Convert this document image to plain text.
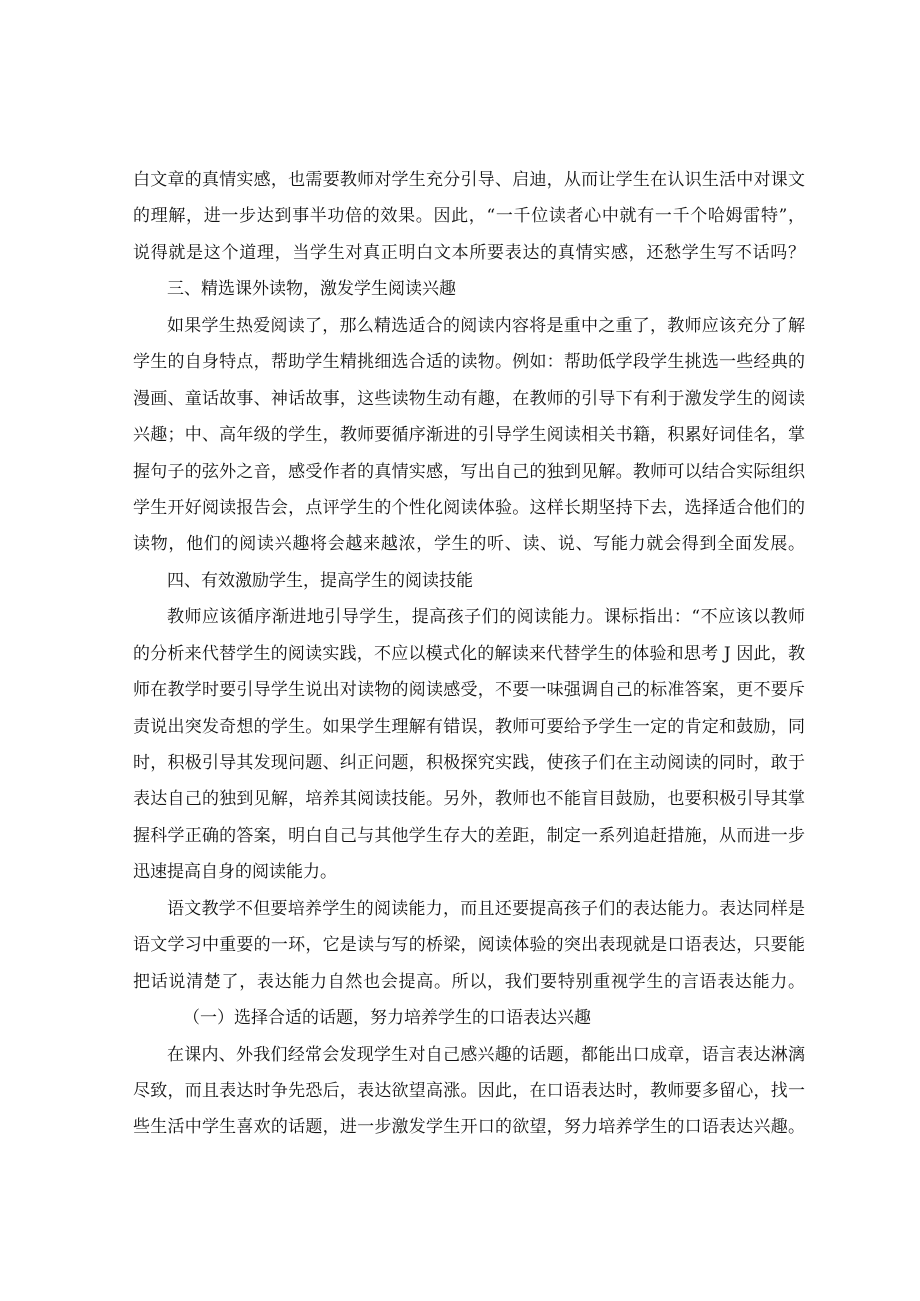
白文章的真情实感，也需要教师对学生充分引导、启迪，从而让学生在认识生活中对课文
的理解，进一步达到事半功倍的效果。因此，“一千位读者心中就有一千个哈姆雷特”，
说得就是这个道理，当学生对真正明白文本所要表达的真情实感，还愁学生写不话吗？
三、精选课外读物，激发学生阅读兴趣
如果学生热爱阅读了，那么精选适合的阅读内容将是重中之重了，教师应该充分了解
学生的自身特点，帮助学生精挑细选合适的读物。例如：帮助低学段学生挑选一些经典的
漫画、童话故事、神话故事，这些读物生动有趣，在教师的引导下有利于激发学生的阅读
兴趣；中、高年级的学生，教师要循序渐进的引导学生阅读相关书籍，积累好词佳名，掌
握句子的弦外之音，感受作者的真情实感，写出自己的独到见解。教师可以结合实际组织
学生开好阅读报告会，点评学生的个性化阅读体验。这样长期坚持下去，选择适合他们的
读物，他们的阅读兴趣将会越来越浓，学生的听、读、说、写能力就会得到全面发展。
四、有效激励学生，提高学生的阅读技能
教师应该循序渐进地引导学生，提高孩子们的阅读能力。课标指出：“不应该以教师
的分析来代替学生的阅读实践，不应以模式化的解读来代替学生的体验和思考 J 因此，教
师在教学时要引导学生说出对读物的阅读感受，不要一味强调自己的标准答案，更不要斥
责说出突发奇想的学生。如果学生理解有错误，教师可要给予学生一定的肯定和鼓励，同
时，积极引导其发现问题、纠正问题，积极探究实践，使孩子们在主动阅读的同时，敢于
表达自己的独到见解，培养其阅读技能。另外，教师也不能盲目鼓励，也要积极引导其掌
握科学正确的答案，明白自己与其他学生存大的差距，制定一系列追赶措施，从而进一步
迅速提高自身的阅读能力。
语文教学不但要培养学生的阅读能力，而且还要提高孩子们的表达能力。表达同样是
语文学习中重要的一环，它是读与写的桥梁，阅读体验的突出表现就是口语表达，只要能
把话说清楚了，表达能力自然也会提高。所以，我们要特别重视学生的言语表达能力。
（一）选择合适的话题，努力培养学生的口语表达兴趣
在课内、外我们经常会发现学生对自己感兴趣的话题，都能出口成章，语言表达淋漓
尽致，而且表达时争先恐后，表达欲望高涨。因此，在口语表达时，教师要多留心，找一
些生活中学生喜欢的话题，进一步激发学生开口的欲望，努力培养学生的口语表达兴趣。
